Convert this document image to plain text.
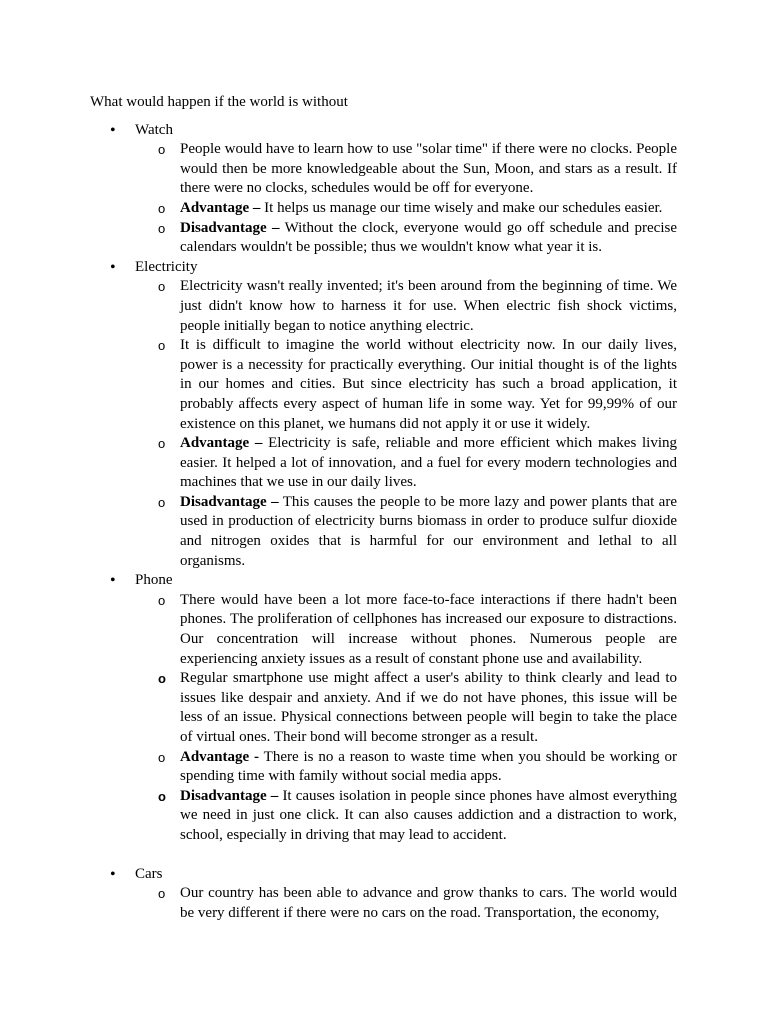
What would happen if the world is without

• Watch
o People would have to learn how to use "solar time" if there were no clocks. People would then be more knowledgeable about the Sun, Moon, and stars as a result. If there were no clocks, schedules would be off for everyone.
o Advantage – It helps us manage our time wisely and make our schedules easier.
o Disadvantage – Without the clock, everyone would go off schedule and precise calendars wouldn't be possible; thus we wouldn't know what year it is.
• Electricity
o Electricity wasn't really invented; it's been around from the beginning of time. We just didn't know how to harness it for use. When electric fish shock victims, people initially began to notice anything electric.
o It is difficult to imagine the world without electricity now. In our daily lives, power is a necessity for practically everything. Our initial thought is of the lights in our homes and cities. But since electricity has such a broad application, it probably affects every aspect of human life in some way. Yet for 99,99% of our existence on this planet, we humans did not apply it or use it widely.
o Advantage – Electricity is safe, reliable and more efficient which makes living easier. It helped a lot of innovation, and a fuel for every modern technologies and machines that we use in our daily lives.
o Disadvantage – This causes the people to be more lazy and power plants that are used in production of electricity burns biomass in order to produce sulfur dioxide and nitrogen oxides that is harmful for our environment and lethal to all organisms.
• Phone
o There would have been a lot more face-to-face interactions if there hadn't been phones. The proliferation of cellphones has increased our exposure to distractions. Our concentration will increase without phones. Numerous people are experiencing anxiety issues as a result of constant phone use and availability.
o Regular smartphone use might affect a user's ability to think clearly and lead to issues like despair and anxiety. And if we do not have phones, this issue will be less of an issue. Physical connections between people will begin to take the place of virtual ones. Their bond will become stronger as a result.
o Advantage - There is no a reason to waste time when you should be working or spending time with family without social media apps.
o Disadvantage – It causes isolation in people since phones have almost everything we need in just one click. It can also causes addiction and a distraction to work, school, especially in driving that may lead to accident.
• Cars
o Our country has been able to advance and grow thanks to cars. The world would be very different if there were no cars on the road. Transportation, the economy,
